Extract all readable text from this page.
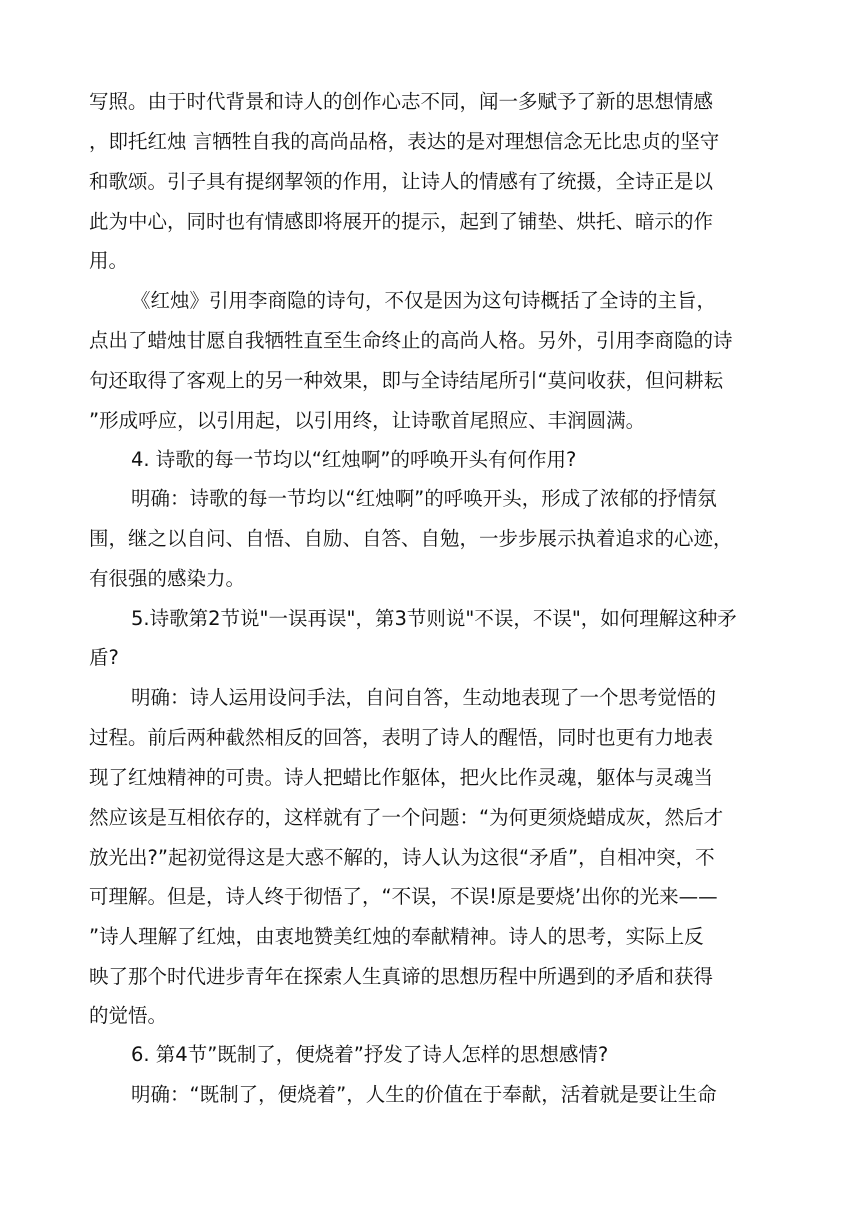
写照。由于时代背景和诗人的创作心志不同，闻一多赋予了新的思想情感
，即托红烛 言牺牲自我的高尚品格，表达的是对理想信念无比忠贞的坚守
和歌颂。引子具有提纲挈领的作用，让诗人的情感有了统摄，全诗正是以
此为中心，同时也有情感即将展开的提示，起到了铺垫、烘托、暗示的作
用。
《红烛》引用李商隐的诗句，不仅是因为这句诗概括了全诗的主旨，
点出了蜡烛甘愿自我牺牲直至生命终止的高尚人格。另外，引用李商隐的诗
句还取得了客观上的另一种效果，即与全诗结尾所引“莫问收获，但问耕耘
”形成呼应，以引用起，以引用终，让诗歌首尾照应、丰润圆满。
4. 诗歌的每一节均以“红烛啊”的呼唤开头有何作用?
明确：诗歌的每一节均以“红烛啊”的呼唤开头，形成了浓郁的抒情氛
围，继之以自问、自悟、自励、自答、自勉，一步步展示执着追求的心迹，
有很强的感染力。
5.诗歌第2节说"一误再误"，第3节则说"不误，不误"，如何理解这种矛
盾?
明确：诗人运用设问手法，自问自答，生动地表现了一个思考觉悟的
过程。前后两种截然相反的回答，表明了诗人的醒悟，同时也更有力地表
现了红烛精神的可贵。诗人把蜡比作躯体，把火比作灵魂，躯体与灵魂当
然应该是互相依存的，这样就有了一个问题：“为何更须烧蜡成灰，然后才
放光出?”起初觉得这是大惑不解的，诗人认为这很“矛盾”，自相冲突，不
可理解。但是，诗人终于彻悟了，“不误，不误!原是要烧’出你的光来——
”诗人理解了红烛，由衷地赞美红烛的奉献精神。诗人的思考，实际上反
映了那个时代进步青年在探索人生真谛的思想历程中所遇到的矛盾和获得
的觉悟。
6. 第4节”既制了，便烧着”抒发了诗人怎样的思想感情?
明确：“既制了，便烧着”，人生的价值在于奉献，活着就是要让生命
